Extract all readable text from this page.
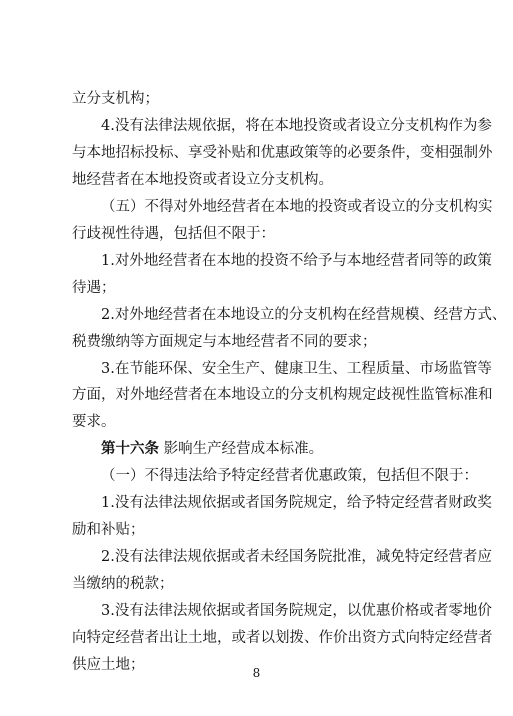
立分支机构；
4.没有法律法规依据，将在本地投资或者设立分支机构作为参
与本地招标投标、享受补贴和优惠政策等的必要条件，变相强制外
地经营者在本地投资或者设立分支机构。
（五）不得对外地经营者在本地的投资或者设立的分支机构实
行歧视性待遇，包括但不限于：
1.对外地经营者在本地的投资不给予与本地经营者同等的政策
待遇；
2.对外地经营者在本地设立的分支机构在经营规模、经营方式、
税费缴纳等方面规定与本地经营者不同的要求；
3.在节能环保、安全生产、健康卫生、工程质量、市场监管等
方面，对外地经营者在本地设立的分支机构规定歧视性监管标准和
要求。
第十六条 影响生产经营成本标准。
（一）不得违法给予特定经营者优惠政策，包括但不限于：
1.没有法律法规依据或者国务院规定，给予特定经营者财政奖
励和补贴；
2.没有法律法规依据或者未经国务院批准，减免特定经营者应
当缴纳的税款；
3.没有法律法规依据或者国务院规定，以优惠价格或者零地价
向特定经营者出让土地，或者以划拨、作价出资方式向特定经营者
供应土地；	8
